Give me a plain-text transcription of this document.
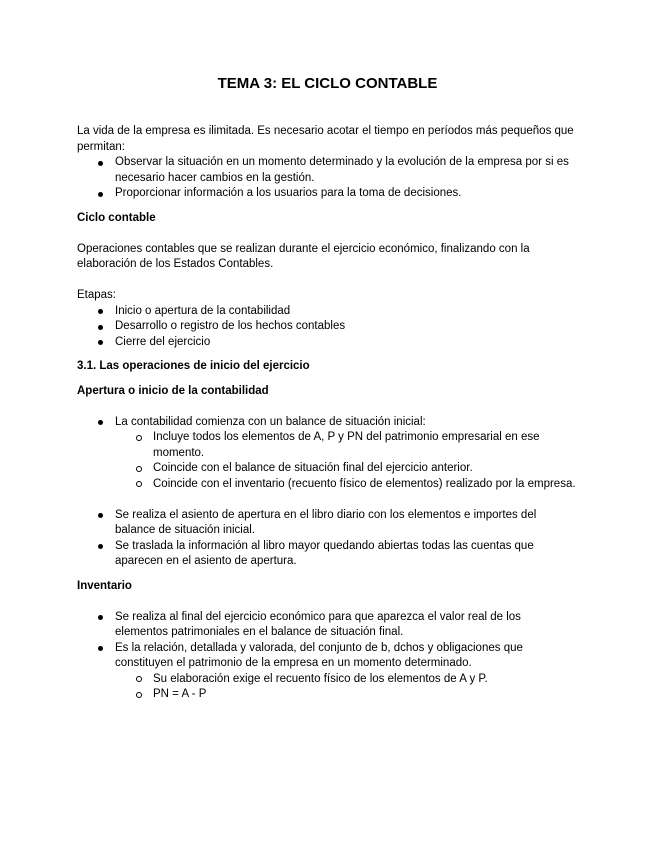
TEMA 3: EL CICLO CONTABLE

La vida de la empresa es ilimitada. Es necesario acotar el tiempo en períodos más pequeños que permitan:

Observar la situación en un momento determinado y la evolución de la empresa por si es necesario hacer cambios en la gestión.
Proporcionar información a los usuarios para la toma de decisiones.

Ciclo contable

Operaciones contables que se realizan durante el ejercicio económico, finalizando con la elaboración de los Estados Contables.

Etapas:

Inicio o apertura de la contabilidad
Desarrollo o registro de los hechos contables
Cierre del ejercicio

3.1. Las operaciones de inicio del ejercicio

Apertura o inicio de la contabilidad

La contabilidad comienza con un balance de situación inicial:
Incluye todos los elementos de A, P y PN del patrimonio empresarial en ese momento.
Coincide con el balance de situación final del ejercicio anterior.
Coincide con el inventario (recuento físico de elementos) realizado por la empresa.
Se realiza el asiento de apertura en el libro diario con los elementos e importes del balance de situación inicial.
Se traslada la información al libro mayor quedando abiertas todas las cuentas que aparecen en el asiento de apertura.

Inventario

Se realiza al final del ejercicio económico para que aparezca el valor real de los elementos patrimoniales en el balance de situación final.
Es la relación, detallada y valorada, del conjunto de b, dchos y obligaciones que constituyen el patrimonio de la empresa en un momento determinado.
Su elaboración exige el recuento físico de los elementos de A y P.
PN = A - P
